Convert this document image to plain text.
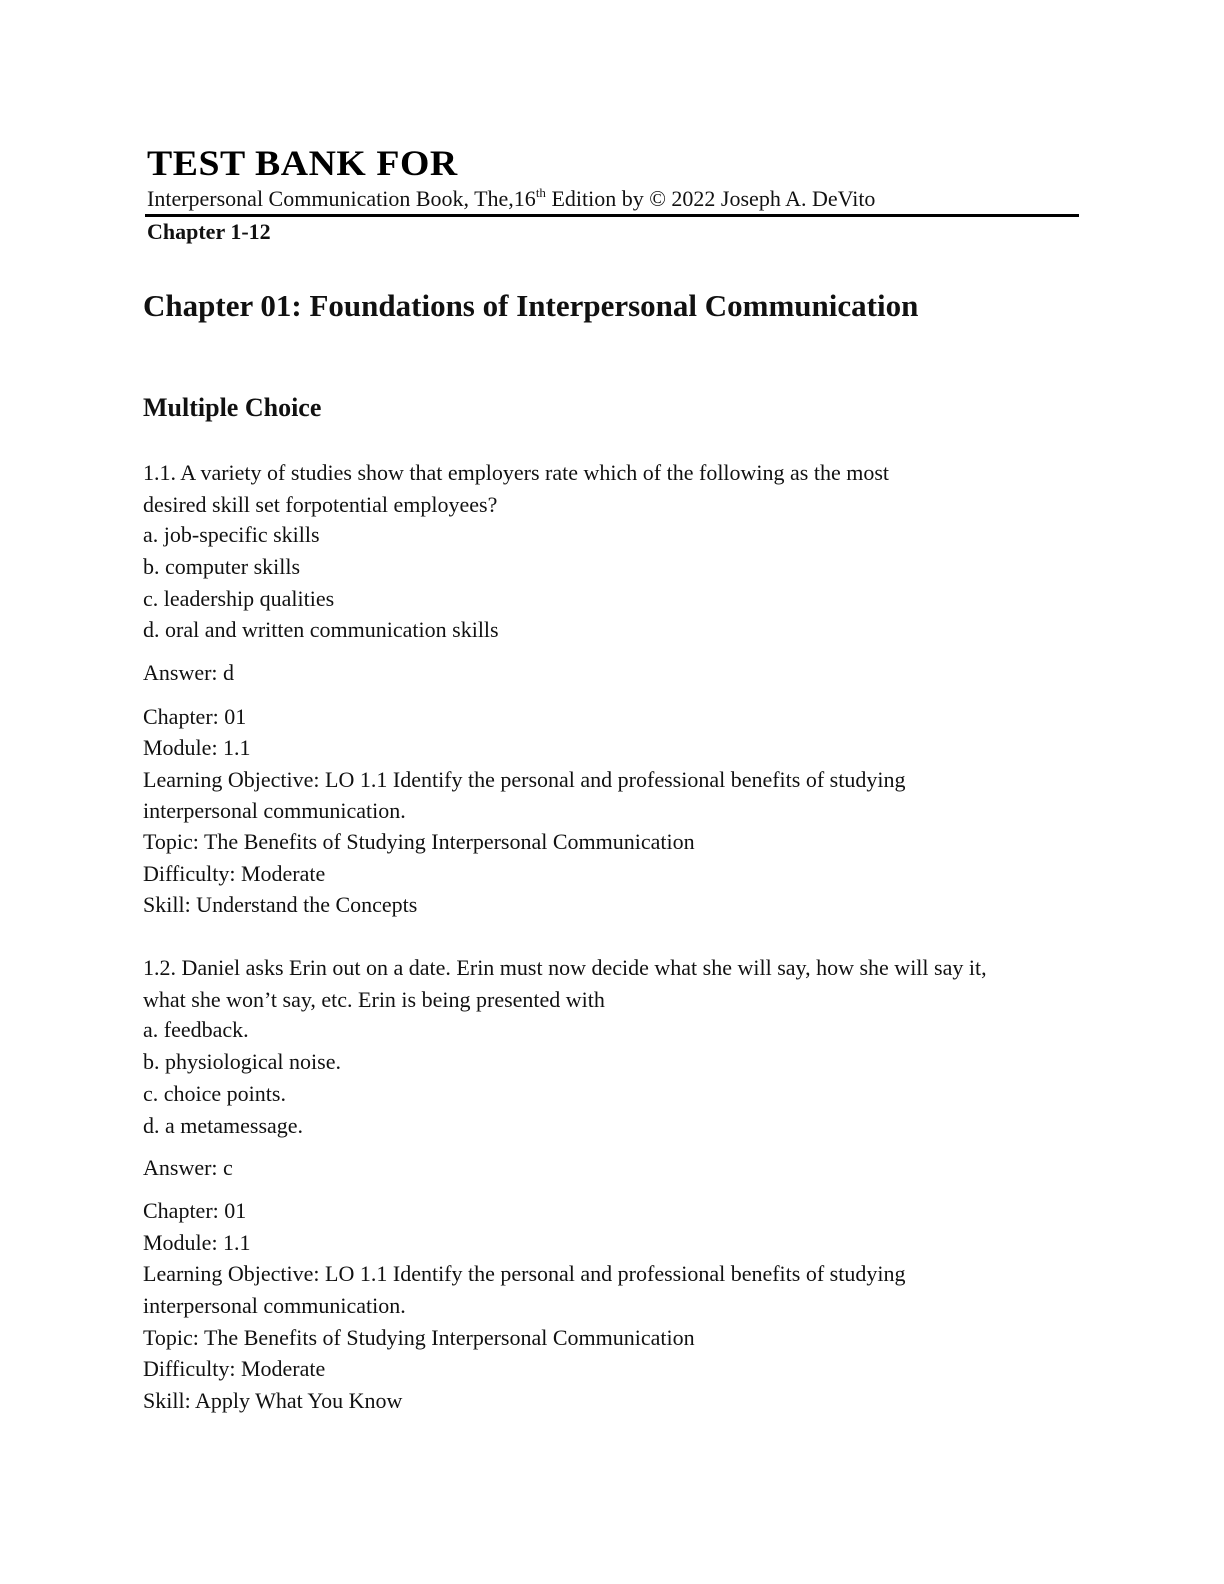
TEST BANK FOR
Interpersonal Communication Book, The,16th Edition by © 2022 Joseph A. DeVito
Chapter 1-12
Chapter 01: Foundations of Interpersonal Communication
Multiple Choice
1.1. A variety of studies show that employers rate which of the following as the most
desired skill set forpotential employees?
a. job-specific skills
b. computer skills
c. leadership qualities
d. oral and written communication skills
Answer: d
Chapter: 01
Module: 1.1
Learning Objective: LO 1.1 Identify the personal and professional benefits of studying
interpersonal communication.
Topic: The Benefits of Studying Interpersonal Communication
Difficulty: Moderate
Skill: Understand the Concepts
1.2. Daniel asks Erin out on a date. Erin must now decide what she will say, how she will say it,
what she won’t say, etc. Erin is being presented with
a. feedback.
b. physiological noise.
c. choice points.
d. a metamessage.
Answer: c
Chapter: 01
Module: 1.1
Learning Objective: LO 1.1 Identify the personal and professional benefits of studying
interpersonal communication.
Topic: The Benefits of Studying Interpersonal Communication
Difficulty: Moderate
Skill: Apply What You Know
